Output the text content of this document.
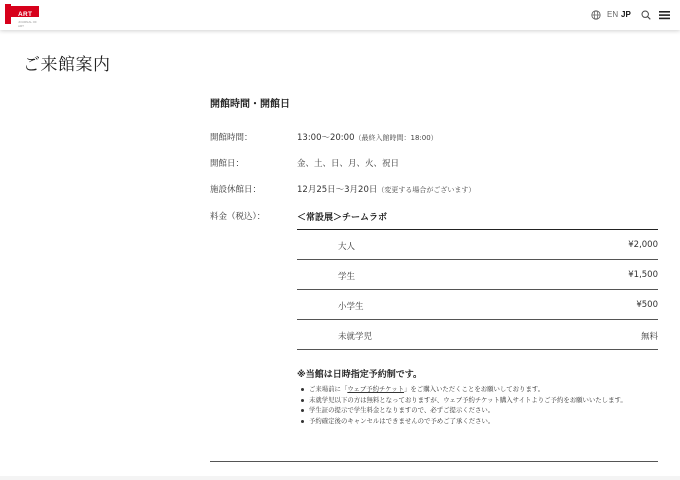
ART
JOURNAL OF ART
EN JP
ご来館案内
開館時間・開館日
開館時間：	13:00〜20:00（最終入館時間：18:00）
開館日：	金、土、日、月、火、祝日
施設休館日：	12月25日〜3月20日（変更する場合がございます）
料金（税込）：	＜常設展＞チームラボ
大人	¥2,000
学生	¥1,500
小学生	¥500
未就学児	無料

※当館は日時指定予約制です。

ご来場前に「ウェブ予約チケット」をご購入いただくことをお願いしております。
未就学児以下の方は無料となっておりますが、ウェブ予約チケット購入サイトよりご予約をお願いいたします。
学生証の提示で学生料金となりますので、必ずご提示ください。
予約確定後のキャンセルはできませんので予めご了承ください。
